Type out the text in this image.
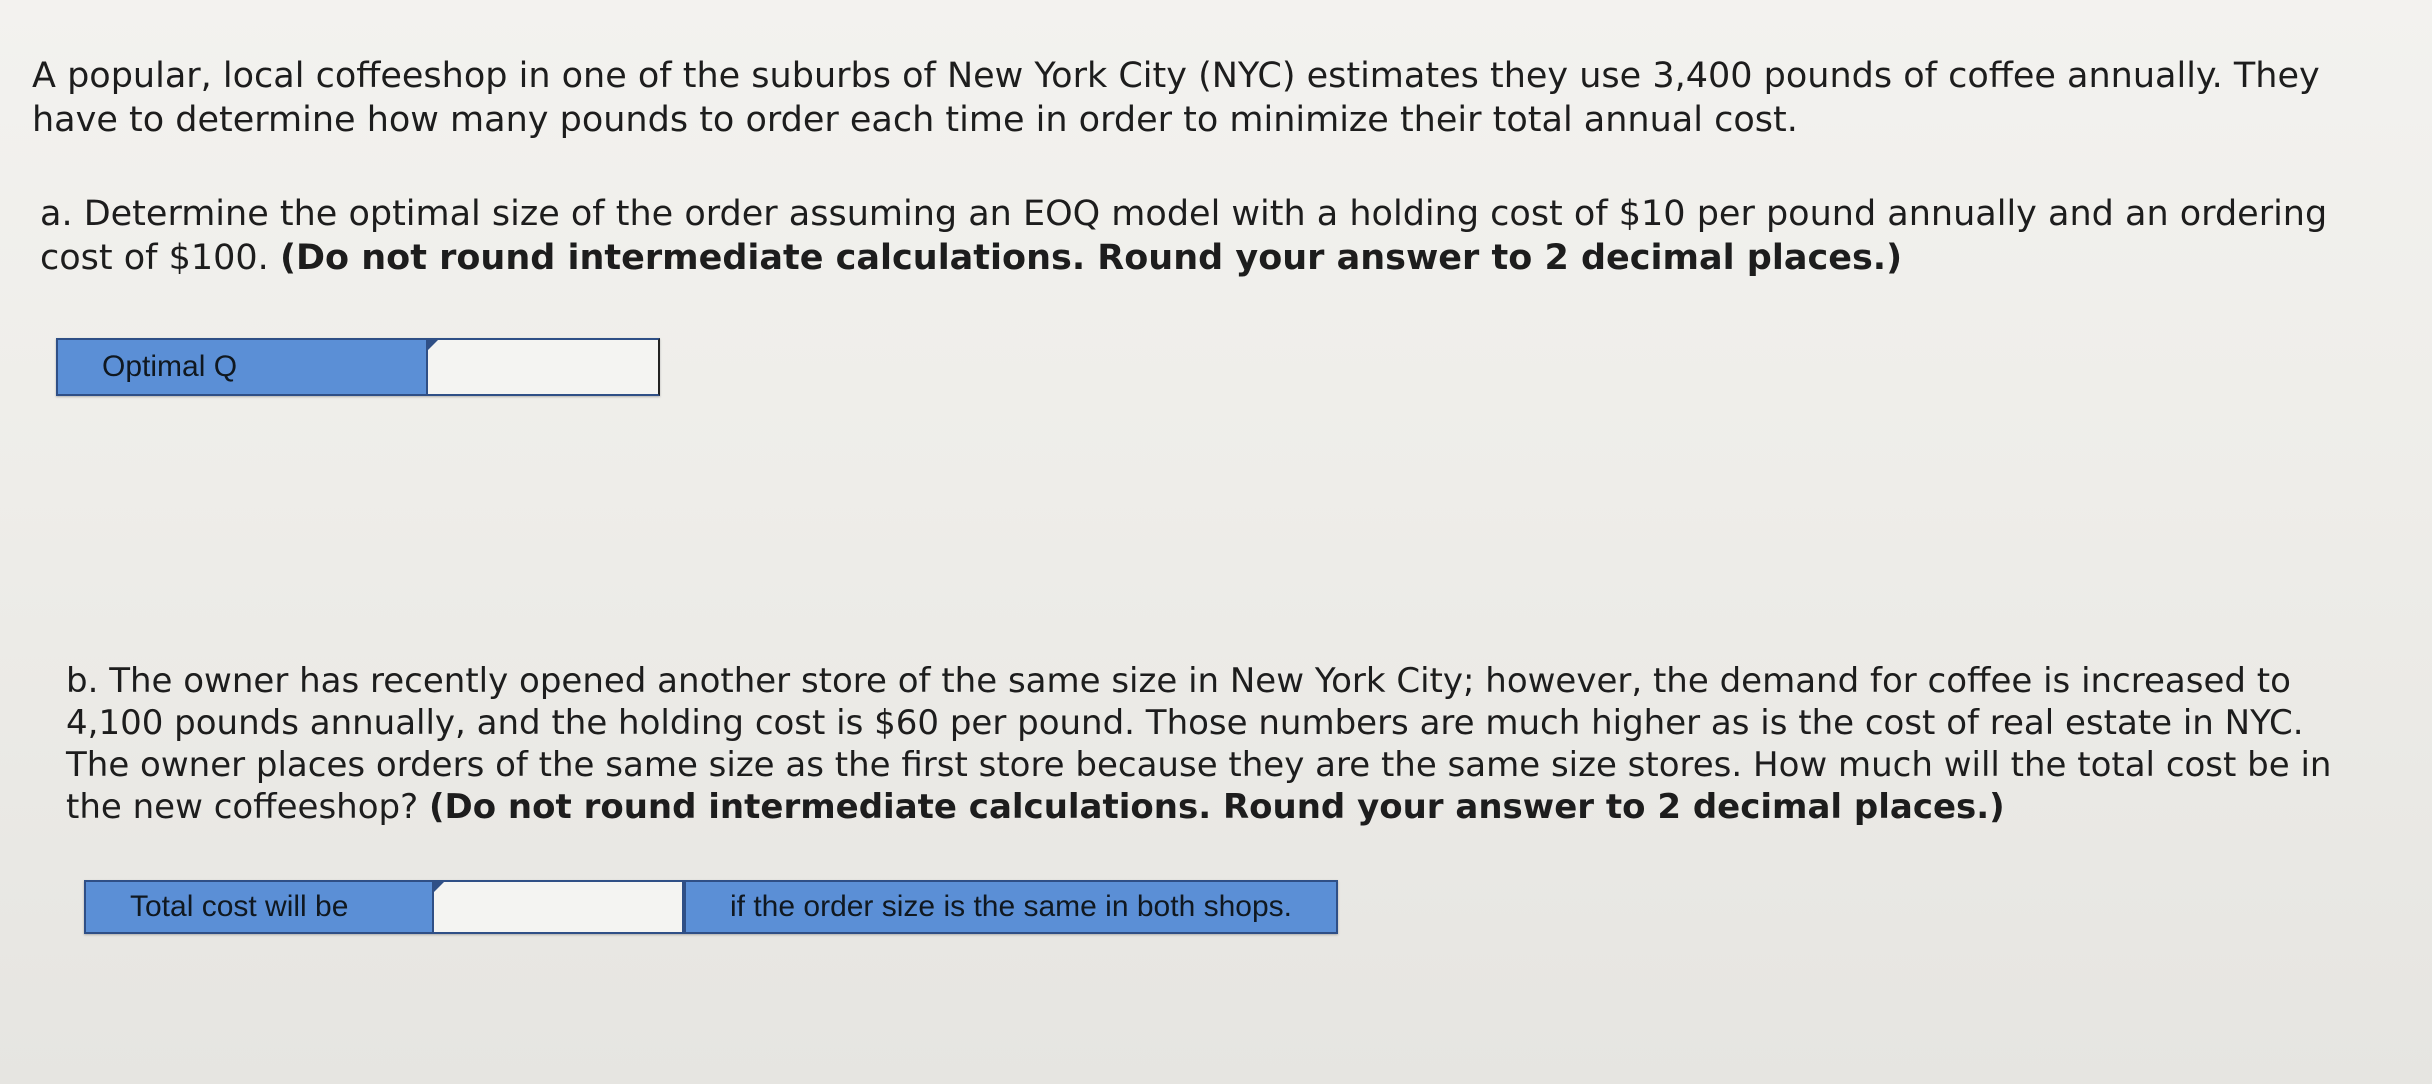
A popular, local coffeeshop in one of the suburbs of New York City (NYC) estimates they use 3,400 pounds of coffee annually. They have to determine how many pounds to order each time in order to minimize their total annual cost.

a. Determine the optimal size of the order assuming an EOQ model with a holding cost of $10 per pound annually and an ordering cost of $100. (Do not round intermediate calculations. Round your answer to 2 decimal places.)

Optimal Q

b. The owner has recently opened another store of the same size in New York City; however, the demand for coffee is increased to 4,100 pounds annually, and the holding cost is $60 per pound. Those numbers are much higher as is the cost of real estate in NYC. The owner places orders of the same size as the first store because they are the same size stores. How much will the total cost be in the new coffeeshop? (Do not round intermediate calculations. Round your answer to 2 decimal places.)

Total cost will be	if the order size is the same in both shops.
